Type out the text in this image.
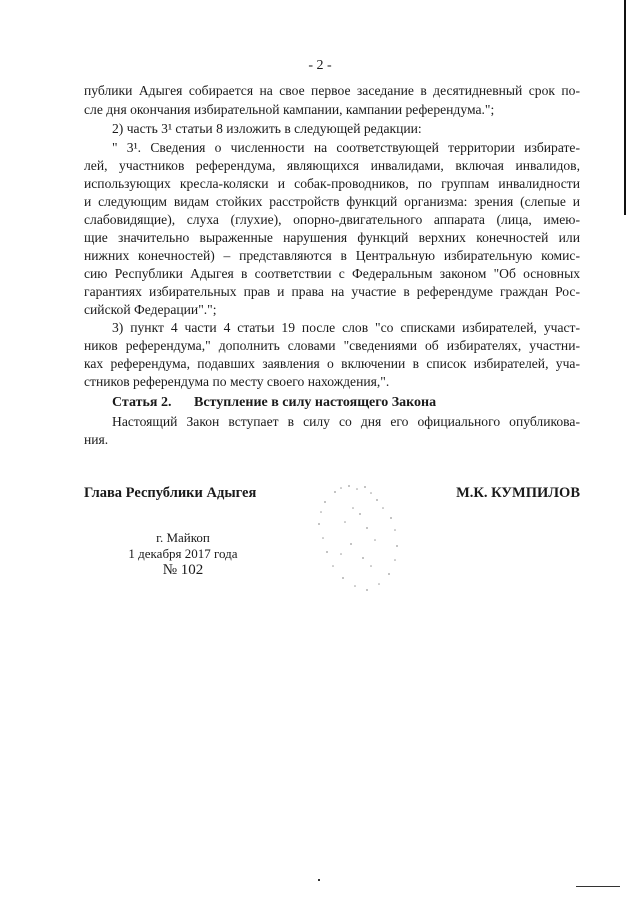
- 2 -
публики Адыгея собирается на свое первое заседание в десятидневный срок по-
сле дня окончания избирательной кампании, кампании референдума.";
2) часть 3¹ статьи 8 изложить в следующей редакции:
" 3¹. Сведения о численности на соответствующей территории избирате-
лей, участников референдума, являющихся инвалидами, включая инвалидов,
использующих кресла-коляски и собак-проводников, по группам инвалидности
и следующим видам стойких расстройств функций организма: зрения (слепые и
слабовидящие), слуха (глухие), опорно-двигательного аппарата (лица, имею-
щие значительно выраженные нарушения функций верхних конечностей или
нижних конечностей) – представляются в Центральную избирательную комис-
сию Республики Адыгея в соответствии с Федеральным законом "Об основных
гарантиях избирательных прав и права на участие в референдуме граждан Рос-
сийской Федерации".";
3) пункт 4 части 4 статьи 19 после слов "со списками избирателей, участ-
ников референдума," дополнить словами "сведениями об избирателях, участни-
ках референдума, подавших заявления о включении в список избирателей, уча-
стников референдума по месту своего нахождения,".
Статья 2. Вступление в силу настоящего Закона
Настоящий Закон вступает в силу со дня его официального опубликова-
ния.
Глава Республики Адыгея	М.К. КУМПИЛОВ
г. Майкоп
1 декабря 2017 года
№ 102
